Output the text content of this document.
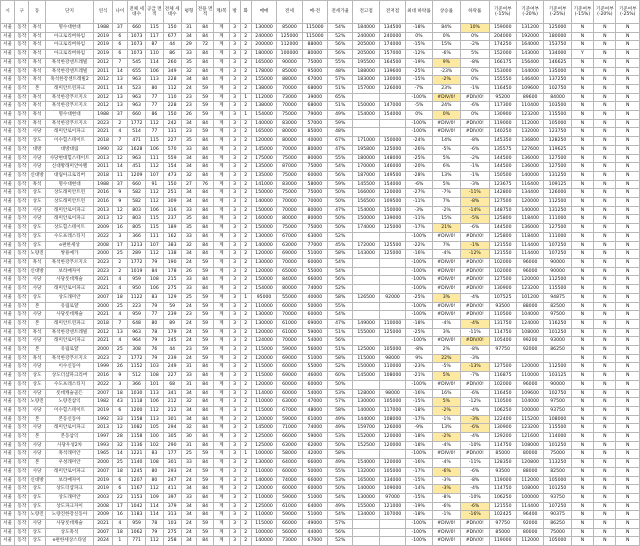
시	구	동	단지	연식	나이	전체 세대수	공급 면적	전체 세대수	평형	전용 면적	계/복	방	화	매매	전세	매-전	전세가율	전고점	전저점	최대 하락률	상승률	하락률	기준여부 (-15%)	기준여부 (-20%)	기준여부 (-25%)	기준여부 (-15%)	기준여부 (-20%)	기준여부 (-25%)
서울	동작	흑석	명수대현대	1988	37	660	115	150	31	84	계	3	2	130000	85000	115000	54%	184000	134500	-18%	84%	10%	159000	131200	125000	N	N	N
서울	동작	흑석	아크로리버하임	2019	6	1073	117	677	34	84	계	3	2	240000	125000	115000	52%	240000	240000	0%	0%	0%	204000	192000	180000	N	N	N
서울	동작	흑석	아크로리버하임	2019	6	1073	87	44	29	72	계	3	2	200000	112000	88000	56%	205000	174000	-15%	15%	-2%	174250	164000	153750	N	N	N
서울	동작	흑석	아크로리버하임	2019	6	1073	110	86	33	84	계	3	2	180000	100000	80000	56%	205000	157000	-12%	-6%	5%	152000	143000	134000	Y	N	N
서울	동작	흑석	흑석한강센트레빌	2012	7	545	114	260	35	84	계	3	2	165000	90000	75000	55%	195500	164500	-19%	9%	-8%	166175	156400	146625	N	N	N
서울	동작	흑석	흑석한강센트레빌	2011	14	655	106	349	32	84	계	3	2	178000	85000	95000	48%	188000	139600	-25%	-23%	0%	153000	144000	135000	N	N	N
서울	동작	흑석	흑석한강센트레빌2	2012	13	963	113	228	34	84	계	3	2	155000	88000	67000	57%	183000	130000	-15%	-2%	0%	155550	146400	137250	N	N	N
서울	동작	본	래미안트윈파크	2011	14	523	80	112	24	59	계	3	2	138000	70000	68000	51%	157000	126000	-7%	23%	-1%	116450	109600	102750	N	N	N
서울	동작	흑석	흑석한강푸르지오	2012	13	963	77	110	23	59	계	3	1	112000	73000	39000	65%			-100%	#DIV/0!	#DIV/0!	95200	89600	84000	N	N	N
서울	동작	흑석	흑석한강푸르지오	2012	13	963	77	228	23	59	계	3	2	138000	70000	68000	51%	150000	147000	-5%	24%	-6%	117300	110400	103500	N	N	N
서울	동작	흑석	명수대현대	1988	37	660	86	150	26	59	계	3	1	154000	75000	79000	49%	154000	154000	0%	0%	0%	130900	123200	115500	N	N	N
서울	동작	흑석	흑석한강푸르지오	2023	2	1772	112	242	34	84	계	3	2	140000	83000	57000	59%			-100%	#DIV/0!	#DIV/0!	119000	112000	105000	N	N	N
서울	동작	사당	래미안로이파크	2021	4	514	77	131	23	59	계	3	2	165000	80000	85000	48%			-100%	#DIV/0!	#DIV/0!	140250	132000	123750	N	N	N
서울	동작	상도	이수힐스테이트	2018	7	471	115	227	35	84	계	3	2	120000	80000	40000	67%	171000	150000	-24%	14%	-8%	145350	136800	128250	N	N	N
서울	동작	대방	대방대림	1990	32	1628	106	570	33	84	계	3	2	145000	70000	80000	47%	195800	125000	-26%	-5%	-6%	135575	127600	119625	N	N	N
서울	동작	사당	사당현대힐스테이트	2013	12	963	111	559	34	84	계	3	2	175000	75000	80000	55%	180000	148000	-25%	5%	-2%	144500	136000	127500	N	N	N
서울	동작	사당	신대방래미안아펠	2011	14	451	112	154	34	84	계	3	2	135000	87000	75000	54%	170000	146000	-20%	6%	-1%	144500	136000	127500	N	N	N
서울	동작	신대방	대림아크로리버	2018	11	1209	107	473	32	84	계	3	2	135000	75000	60000	56%	187000	149500	-28%	13%	-1%	150500	140000	131250	N	N	N
서울	동작	흑석	명수대현대	1988	37	660	91	150	27	76	계	3	2	141000	83000	58000	59%	145500	154000	-6%	5%	-3%	123675	116400	109125	N	N	N
서울	동작	상도	상도래미안트윈	2016	9	582	112	251	34	84	계	3	2	150000	75000	75000	50%	166000	120000	-27%	-7%	-11%	142800	134400	126000	N	N	N
서울	동작	상도	상도래미안트윈	2016	9	582	112	309	34	84	계	3	2	140000	70000	70000	50%	156500	109500	-11%	7%	-8%	127500	120000	112500	N	N	N
서울	동작	사당	래미안로이파크	2013	12	803	106	316	33	84	계	3	2	150000	70000	80000	47%	154000	150000	-3%	-2%	-14%	148750	140000	131250	N	N	N
서울	동작	사당	래미안로이파크	2013	12	803	115	237	35	84	계	3	2	160000	80000	80000	50%	150000	139000	-11%	15%	-5%	125800	118400	111000	N	N	N
서울	동작	상도	상도힐스테이트	2009	16	805	115	189	35	84	계	3	2	150000	75000	75000	50%	174000	125000	-17%	21%	-6%	144500	136000	127500	N	N	N
서울	동작	상도	수도프레스티지	2022	3	366	111	162	33	84	계	3	2	130000	67000	63000	52%			-100%	#DIV/0!	#DIV/0!	125800	118400	111000	N	N	N
서울	동작	상도	e편한세상	2008	17	1213	107	383	32	84	계	3	2	140000	63000	77000	45%	172000	125500	-22%	7%	-1%	121550	114400	107250	N	N	N
서울	동작	노량진	쌍용예가	2000	25	289	112	138	34	84	계	3	2	120000	69000	51000	58%	143000	125000	-16%	-4%	-12%	121550	114400	107250	N	N	N
서울	동작	흑석	흑석한강푸르지오	2023	2	1772	79	190	24	59	계	3	2	130000	70000	60000	54%			-100%	#DIV/0!	#DIV/0!	102000	96000	90000	N	N	N
서울	동작	신대방	보라매자이	2023	2	1019	84	178	26	59	계	3	2	120000	65000	55000	54%			-100%	#DIV/0!	#DIV/0!	102000	96000	90000	N	N	N
서울	동작	사당	사당롯데캐슬	2021	4	959	108	215	33	84	계	3	2	150000	84000	66000	56%			-100%	#DIV/0!	#DIV/0!	127500	120000	112500	N	N	N
서울	동작	사당	래미안로이파크	2021	4	950	106	275	33	84	계	3	2	154000	80000	74000	52%			-100%	#DIV/0!	#DIV/0!	130900	123200	115500	N	N	N
서울	동작	상도	상도래미안	2007	18	1122	83	129	25	59	계	3	1	95000	55000	40000	58%	126500	92000	-25%	3%	-4%	107525	101200	94875	N	N	N
서울	동작	본	유림로얄	2000	25	223	79	59	24	59	계	3	2	110000	60000	50000	55%			-100%	#DIV/0!	#DIV/0!	93500	88000	82500	N	N	N
서울	동작	사당	사당롯데캐슬	2021	4	959	77	239	23	59	계	3	2	130000	70000	60000	54%			-100%	#DIV/0!	#DIV/0!	110500	104000	97500	N	N	N
서울	동작	본	래미안트윈파크	2018	7	648	80	89	24	59	계	3	2	130000	61000	69000	47%	149000	110000	-18%	-4%	-4%	131750	124000	116250	N	N	N
서울	동작	흑석	흑석한강센트레빌	2012	13	963	78	179	24	59	계	3	2	120000	61000	59000	51%	155000	125000	-25%	3%	-11%	114750	108000	101250	N	N	N
서울	동작	사당	래미안로이파크	2021	4	964	79	245	24	59	계	3	2	124000	70000	54000	56%			-100%	#DIV/0!	#DIV/0!	105400	99200	93000	N	N	N
서울	동작	본	유림로얄	2000	25	308	76	44	23	59	계	3	2	115000	59000	56000	51%	125000	105000	-8%	2%	-8%	97750	92000	86250	N	N	N
서울	동작	흑석	흑석한강푸르지오	2023	2	1772	79	239	24	59	계	3	2	120000	69000	51000	58%	115000	98000	9%	22%	-3%				N	N	N
서울	동작	사당	이수신동아	1999	26	1152	103	249	31	84	계	3	2	115000	60000	55000	52%	150000	110000	-23%	-5%	-13%	127500	120000	112500	N	N	N
서울	동작	상도	상도더샵파크리버	2016	9	512	108	227	33	84	계	3	2	115000	69000	46000	60%	145000	108000	-21%	5%	-7%	116875	110000	103125	N	N	N
서울	동작	상도	수도프레스티지	2022	3	366	101	68	31	84	계	3	2	120000	60000	60000	50%			-100%	#DIV/0!	#DIV/0!	102000	96000	90000	N	N	N
서울	동작	사당	롯데캐슬골든	2007	18	1030	113	341	34	84	계	3	2	114000	60000	54000	53%	128000	98000	-16%	16%	-6%	116450	109600	102750	N	N	N
서울	동작	노량진	노량진삼익	1982	43	1118	106	212	32	84	계	3	2	110000	63000	47000	57%	130000	105000	-15%	5%	-12%	110500	104000	97500	N	N	N
서울	동작	사당	이수힐스테이트	2019	6	1200	112	212	34	84	계	3	2	115000	67000	48000	58%	140000	117000	-18%	-2%	-4%	106250	100000	93750	N	N	N
서울	동작	본	본동신동아	1992	33	1158	113	301	34	84	계	3	2	120000	59000	61000	49%	144000	108000	-17%	-1%	-3%	122400	115200	108000	N	N	N
서울	동작	사당	래미안로이파크	2013	12	1082	105	294	32	84	계	3	2	145000	71000	74000	49%	159700	126000	-9%	13%	-6%	130900	123200	115500	N	N	N
서울	동작	본	본동삼익	1997	28	1158	100	305	30	84	계	3	2	125000	66000	59000	53%	152000	120000	-18%	-2%	-4%	129200	121600	114000	N	N	N
서울	동작	사당	사당우성2차	1993	32	1136	102	290	31	84	계	3	2	125000	63000	62000	50%	152500	120000	-18%	-4%	-10%	114750	108000	101250	N	N	N
서울	동작	사당	흑석래미안	1965	14	1221	83	177	25	59	계	3	1	100000	58000	42000	58%			-100%	#DIV/0!	#DIV/0!	85000	80000	75000	N	N	N
서울	동작	본	우성래미안	2000	25	1140	108	301	33	84	계	3	2	130000	64000	66000	49%	154000	120000	-16%	-4%	-11%	128350	120800	113250	N	N	N
서울	동작	사당	래미안로이파크	2007	18	1245	80	293	24	59	계	3	2	110000	60000	50000	55%	132000	105000	-17%	-6%	-6%	93500	88000	82500	N	N	N
서울	동작	신대방	보라매자이	2019	6	1207	80	247	24	59	계	3	2	140000	74000	66000	53%	165000	134000	-15%	-3%	-8%	119000	112000	105000	N	N	N
서울	동작	상도	상도더샵파크	2019	6	1167	112	411	34	84	계	3	2	120000	60000	60000	50%	140000	109000	-14%	-3%	-4%	114750	108000	101250	N	N	N
서울	동작	상도	상도래미안	2003	22	1153	109	397	33	84	계	3	2	110000	59000	51000	54%	130000	97000	-15%	-8%	-10%	106250	100000	93750	N	N	N
서울	동작	상도	상도파크자이	2008	17	1042	114	379	34	84	계	3	2	125000	61000	64000	49%	155000	121000	-19%	-6%	-6%	121550	114400	107250	N	N	N
서울	동작	노량진	노량진한강신동아	2009	16	1183	114	313	34	84	계	3	2	110000	59000	51000	54%	134000	107000	-18%	-1%	-16%	102425	96400	90375	N	N	N
서울	동작	사당	사당롯데캐슬	2021	4	959	78	103	24	59	계	3	2	115000	66000	49000	57%			-100%	#DIV/0!	#DIV/0!	97750	92000	86250	N	N	N
서울	동작	상도	상도흑석	2007	18	1062	79	275	24	59	계	3	2	100000	56000	44000	56%			-100%	#DIV/0!	#DIV/0!	85000	80000	75000	N	N	N
서울	동작	상도	e편한세상스타일	2024	1	771	112	258	34	84	계	3	2	140000	73000	67000	52%			-100%	#DIV/0!	#DIV/0!	119000	112000	105000	N	N	N
